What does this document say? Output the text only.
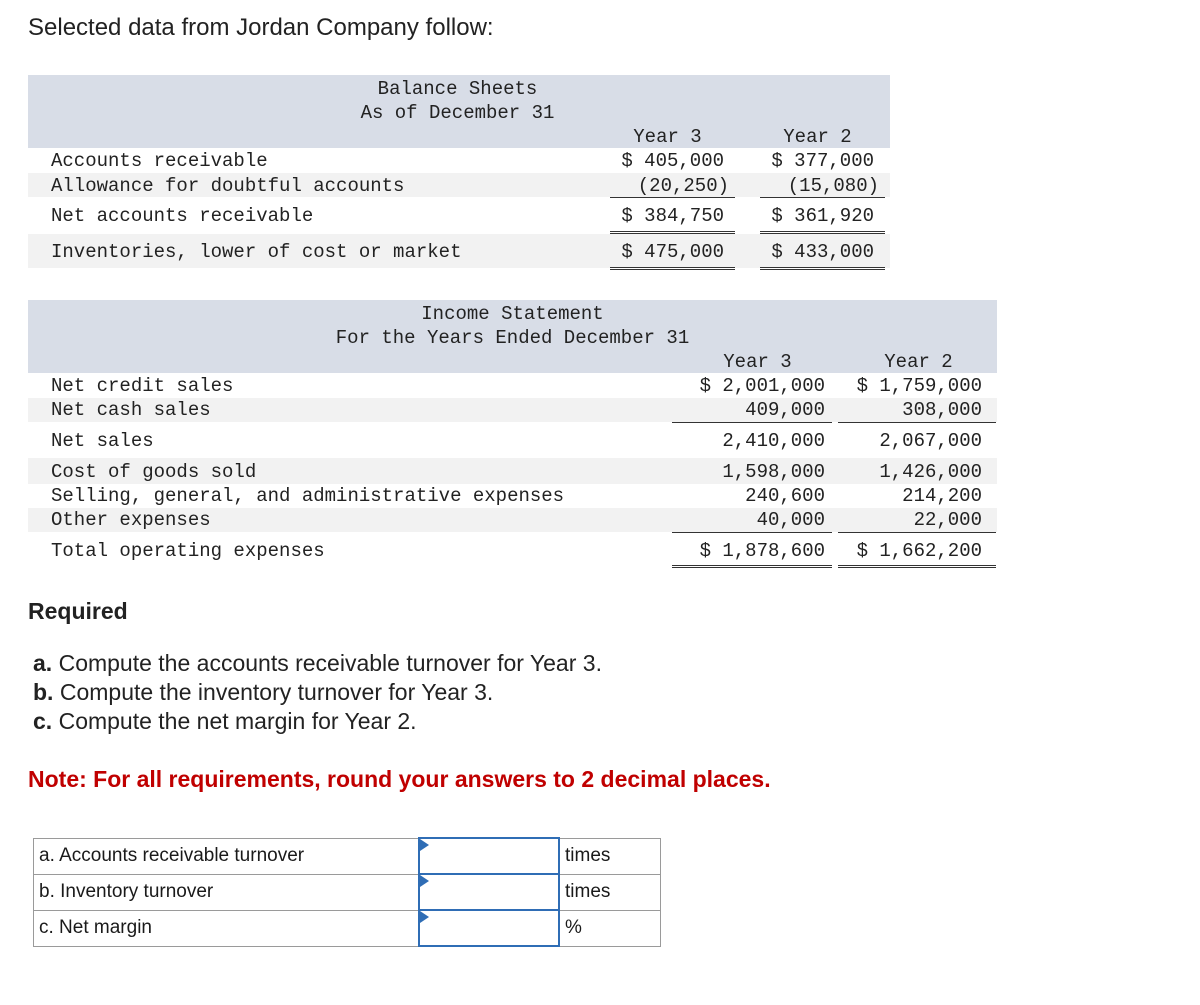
Selected data from Jordan Company follow:
Balance Sheets
As of December 31
Year 3	Year 2
Accounts receivable	$ 405,000	$ 377,000
Allowance for doubtful accounts	(20,250)	(15,080)
Net accounts receivable	$ 384,750	$ 361,920
Inventories, lower of cost or market	$ 475,000	$ 433,000
Income Statement
For the Years Ended December 31
Year 3	Year 2
Net credit sales	$ 2,001,000	$ 1,759,000
Net cash sales	409,000	308,000
Net sales	2,410,000	2,067,000
Cost of goods sold	1,598,000	1,426,000
Selling, general, and administrative expenses	240,600	214,200
Other expenses	40,000	22,000
Total operating expenses	$ 1,878,600	$ 1,662,200
Required
a. Compute the accounts receivable turnover for Year 3.
b. Compute the inventory turnover for Year 3.
c. Compute the net margin for Year 2.
Note: For all requirements, round your answers to 2 decimal places.
a. Accounts receivable turnover		times
b. Inventory turnover		times
c. Net margin		%
